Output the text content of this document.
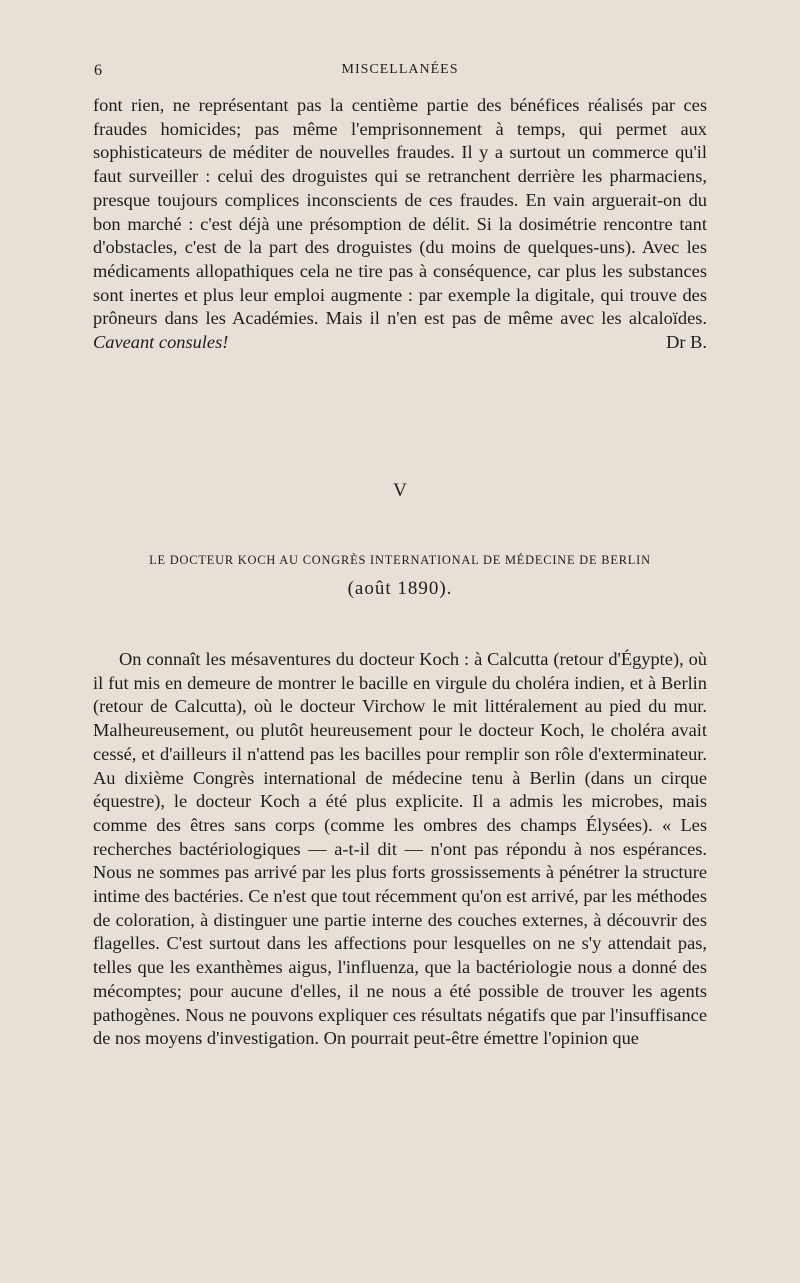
6	MISCELLANÉES

font rien, ne représentant pas la centième partie des bénéfices réalisés par ces fraudes homicides; pas même l'emprisonnement à temps, qui permet aux sophisticateurs de méditer de nouvelles fraudes. Il y a surtout un commerce qu'il faut surveiller : celui des droguistes qui se retranchent derrière les pharmaciens, presque toujours complices inconscients de ces fraudes. En vain arguerait-on du bon marché : c'est déjà une présomption de délit. Si la dosimétrie rencontre tant d'obstacles, c'est de la part des droguistes (du moins de quelques-uns). Avec les médicaments allopathiques cela ne tire pas à conséquence, car plus les substances sont inertes et plus leur emploi augmente : par exemple la digitale, qui trouve des prôneurs dans les Académies. Mais il n'en est pas de même avec les alcaloïdes. Caveant consules!	Dr B.

V
LE DOCTEUR KOCH AU CONGRÈS INTERNATIONAL DE MÉDECINE DE BERLIN
(août 1890).

On connaît les mésaventures du docteur Koch : à Calcutta (retour d'Égypte), où il fut mis en demeure de montrer le bacille en virgule du choléra indien, et à Berlin (retour de Calcutta), où le docteur Virchow le mit littéralement au pied du mur. Malheureusement, ou plutôt heureusement pour le docteur Koch, le choléra avait cessé, et d'ailleurs il n'attend pas les bacilles pour remplir son rôle d'exterminateur. Au dixième Congrès international de médecine tenu à Berlin (dans un cirque équestre), le docteur Koch a été plus explicite. Il a admis les microbes, mais comme des êtres sans corps (comme les ombres des champs Élysées). « Les recherches bactériologiques — a-t-il dit — n'ont pas répondu à nos espérances. Nous ne sommes pas arrivé par les plus forts grossissements à pénétrer la structure intime des bactéries. Ce n'est que tout récemment qu'on est arrivé, par les méthodes de coloration, à distinguer une partie interne des couches externes, à découvrir des flagelles. C'est surtout dans les affections pour lesquelles on ne s'y attendait pas, telles que les exanthèmes aigus, l'influenza, que la bactériologie nous a donné des mécomptes; pour aucune d'elles, il ne nous a été possible de trouver les agents pathogènes. Nous ne pouvons expliquer ces résultats négatifs que par l'insuffisance de nos moyens d'investigation. On pourrait peut-être émettre l'opinion que
